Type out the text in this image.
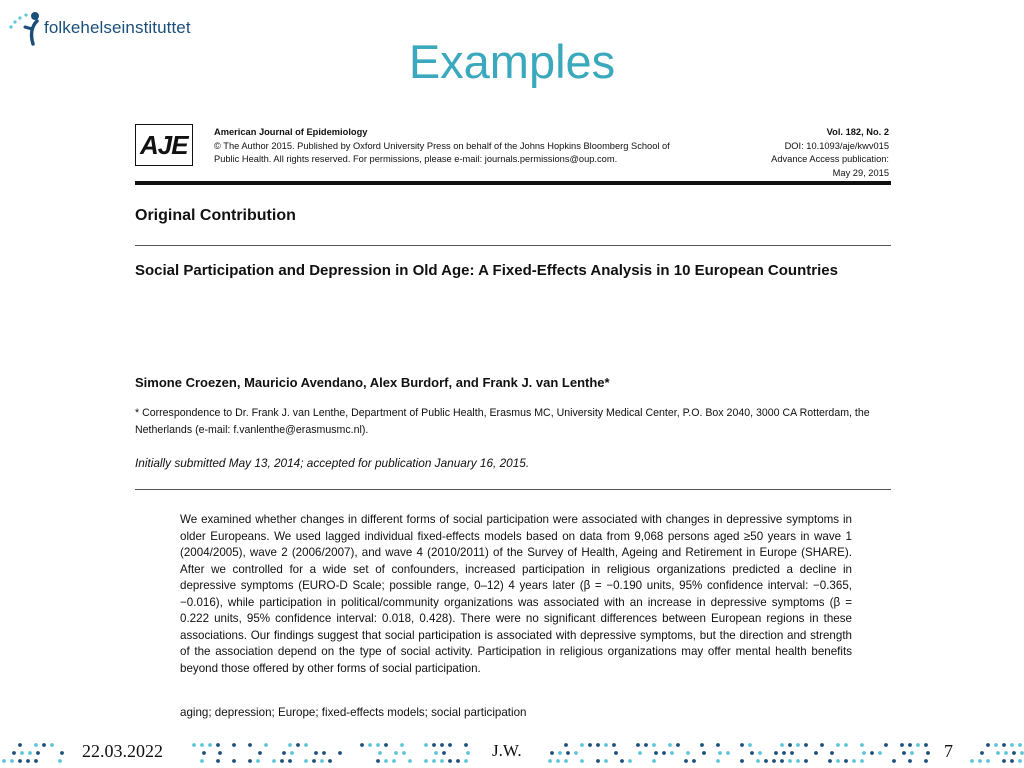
folkehelseinstituttet
Examples
AJE	American Journal of Epidemiology
© The Author 2015. Published by Oxford University Press on behalf of the Johns Hopkins Bloomberg School of
Public Health. All rights reserved. For permissions, please e-mail: journals.permissions@oup.com.
Vol. 182, No. 2
DOI: 10.1093/aje/kwv015
Advance Access publication:
May 29, 2015
Original Contribution
Social Participation and Depression in Old Age: A Fixed-Effects Analysis in 10 European Countries
Simone Croezen, Mauricio Avendano, Alex Burdorf, and Frank J. van Lenthe*
* Correspondence to Dr. Frank J. van Lenthe, Department of Public Health, Erasmus MC, University Medical Center, P.O. Box 2040, 3000 CA Rotterdam, the Netherlands (e-mail: f.vanlenthe@erasmusmc.nl).
Initially submitted May 13, 2014; accepted for publication January 16, 2015.
We examined whether changes in different forms of social participation were associated with changes in depressive symptoms in older Europeans. We used lagged individual fixed-effects models based on data from 9,068 persons aged ≥50 years in wave 1 (2004/2005), wave 2 (2006/2007), and wave 4 (2010/2011) of the Survey of Health, Ageing and Retirement in Europe (SHARE). After we controlled for a wide set of confounders, increased participation in religious organizations predicted a decline in depressive symptoms (EURO-D Scale; possible range, 0–12) 4 years later (β = −0.190 units, 95% confidence interval: −0.365, −0.016), while participation in political/community organizations was associated with an increase in depressive symptoms (β = 0.222 units, 95% confidence interval: 0.018, 0.428). There were no significant differences between European regions in these associations. Our findings suggest that social participation is associated with depressive symptoms, but the direction and strength of the association depend on the type of social activity. Participation in religious organizations may offer mental health benefits beyond those offered by other forms of social participation.
aging; depression; Europe; fixed-effects models; social participation
22.03.2022	J.W.	7
